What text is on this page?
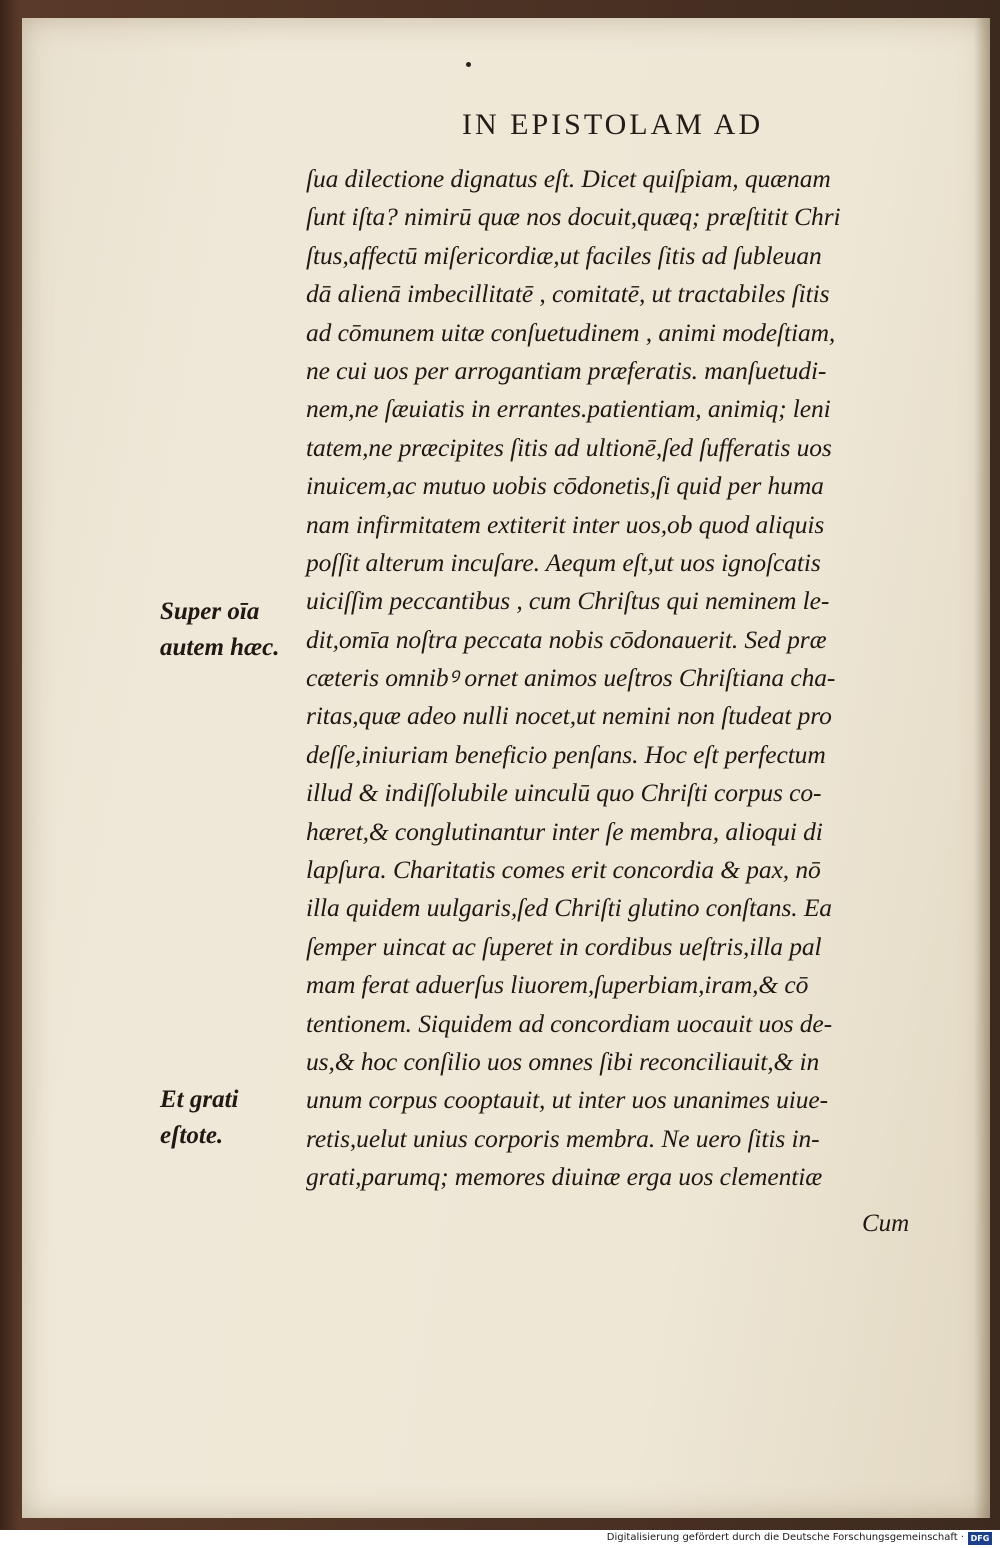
IN EPISTOLAM AD
ſua dilectione dignatus eſt. Dicet quiſpiam, quænam
ſunt iſta? nimirū quæ nos docuit,quæq; præſtitit Chri
ſtus,affectū miſericordiæ,ut faciles ſitis ad ſubleuan
dā alienā imbecillitatē , comitatē, ut tractabiles ſitis
ad cōmunem uitæ conſuetudinem , animi modeſtiam,
ne cui uos per arrogantiam præferatis. manſuetudi-
nem,ne ſæuiatis in errantes.patientiam, animiq; leni
tatem,ne præcipites ſitis ad ultionē,ſed ſufferatis uos
inuicem,ac mutuo uobis cōdonetis,ſi quid per huma
nam infirmitatem extiterit inter uos,ob quod aliquis
poſſit alterum incuſare. Aequm eſt,ut uos ignoſcatis
uiciſſim peccantibus , cum Chriſtus qui neminem le-
dit,omīa noſtra peccata nobis cōdonauerit. Sed præ
cæteris omnibꝰ ornet animos ueſtros Chriſtiana cha-
ritas,quæ adeo nulli nocet,ut nemini non ſtudeat pro
deſſe,iniuriam beneficio penſans. Hoc eſt perfectum
illud & indiſſolubile uinculū quo Chriſti corpus co-
hæret,& conglutinantur inter ſe membra, alioqui di
lapſura. Charitatis comes erit concordia & pax, nō
illa quidem uulgaris,ſed Chriſti glutino conſtans. Ea
ſemper uincat ac ſuperet in cordibus ueſtris,illa pal
mam ferat aduerſus liuorem,ſuperbiam,iram,& cō
tentionem. Siquidem ad concordiam uocauit uos de-
us,& hoc conſilio uos omnes ſibi reconciliauit,& in
unum corpus cooptauit, ut inter uos unanimes uiue-
retis,uelut unius corporis membra. Ne uero ſitis in-
grati,parumq; memores diuinæ erga uos clementiæ
Super oīa
autem hæc.
Et grati
eſtote.
Cum
Digitalisierung gefördert durch die Deutsche Forschungsgemeinschaft · DFG
